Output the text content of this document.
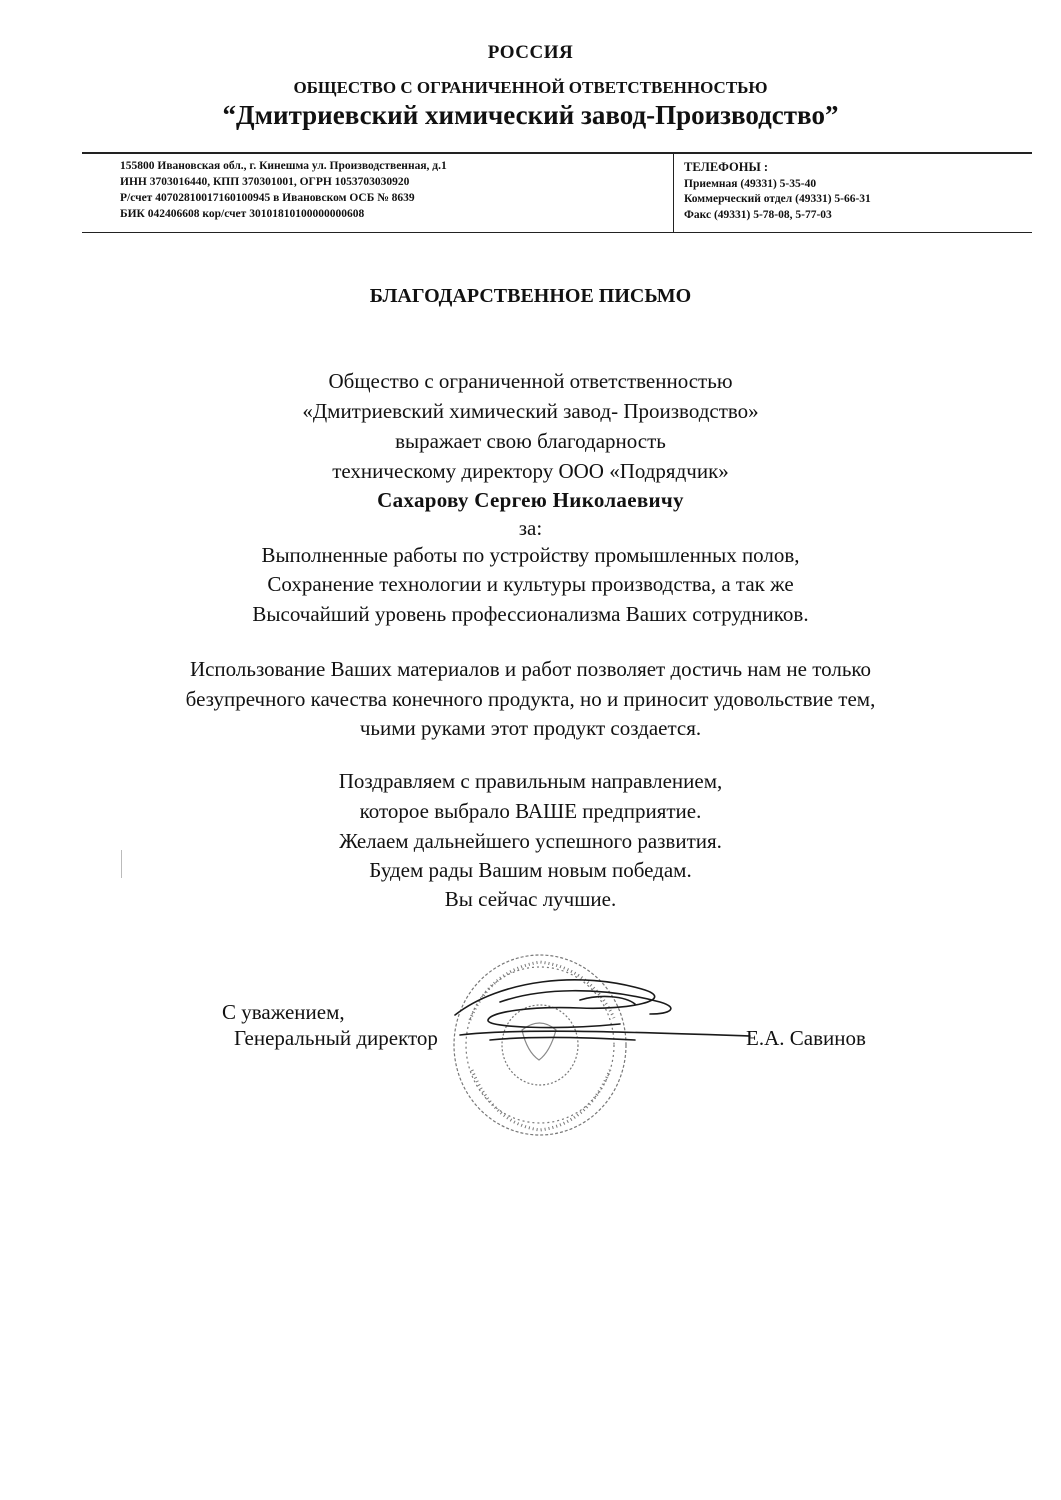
РОССИЯ
ОБЩЕСТВО С ОГРАНИЧЕННОЙ ОТВЕТСТВЕННОСТЬЮ
“Дмитриевский химический завод-Производство”
155800 Ивановская обл., г. Кинешма ул. Производственная, д.1
ИНН 3703016440, КПП 370301001, ОГРН 1053703030920
Р/счет 40702810017160100945 в Ивановском ОСБ № 8639
БИК 042406608 кор/счет 30101810100000000608
ТЕЛЕФОНЫ :
Приемная (49331) 5-35-40
Коммерческий отдел (49331) 5-66-31
Факс (49331) 5-78-08, 5-77-03
БЛАГОДАРСТВЕННОЕ ПИСЬМО
Общество с ограниченной ответственностью
«Дмитриевский химический завод- Производство»
выражает свою благодарность
техническому директору ООО «Подрядчик»
Сахарову Сергею Николаевичу
за:
Выполненные работы по устройству промышленных полов,
Сохранение технологии и культуры производства, а так же
Высочайший уровень профессионализма Ваших сотрудников.
Использование Ваших материалов и работ позволяет достичь нам не только
безупречного качества конечного продукта, но и приносит удовольствие тем,
чьими руками этот продукт создается.
Поздравляем с правильным направлением,
которое выбрало ВАШЕ предприятие.
Желаем дальнейшего успешного развития.
Будем рады Вашим новым победам.
Вы сейчас лучшие.
С уважением,
Генеральный директор	Е.А. Савинов
